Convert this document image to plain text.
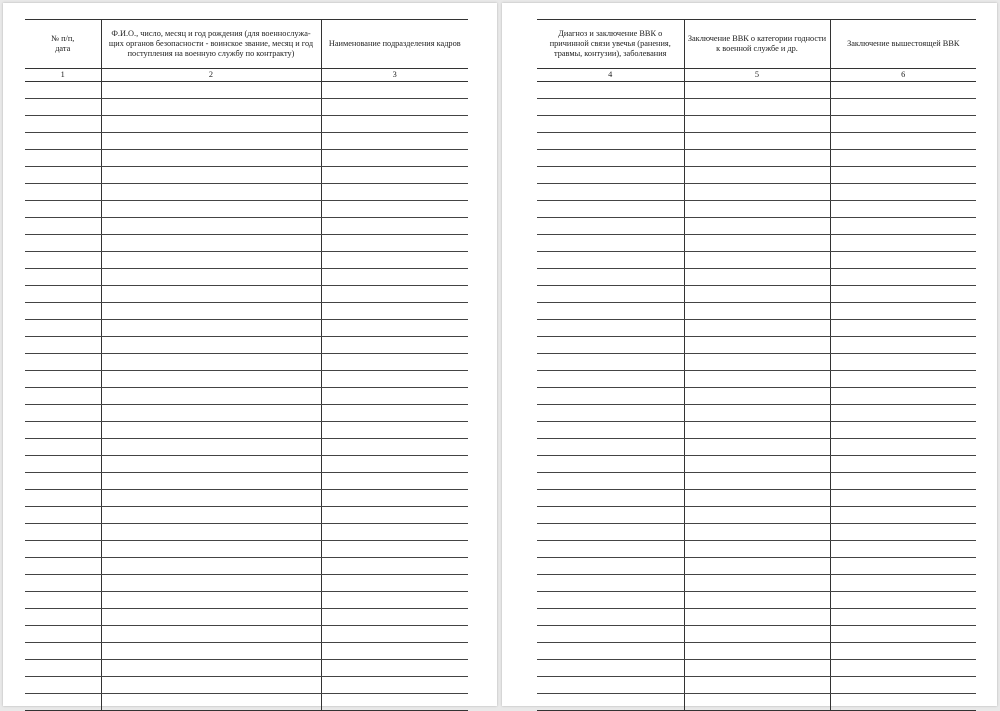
№ п/п, дата	Ф.И.О., число, месяц и год рождения (для военнослужа- щих органов безопасности - воинское звание, месяц и год поступления на военную службу по контракту)	Наименование подразделения кадров

1	2	3

Диагноз и заключение ВВК о причинной связи увечья (ранения, травмы, контузии), заболевания	Заключение ВВК о категории годности к военной службе и др.	Заключение вышестоящей ВВК

4	5	6
